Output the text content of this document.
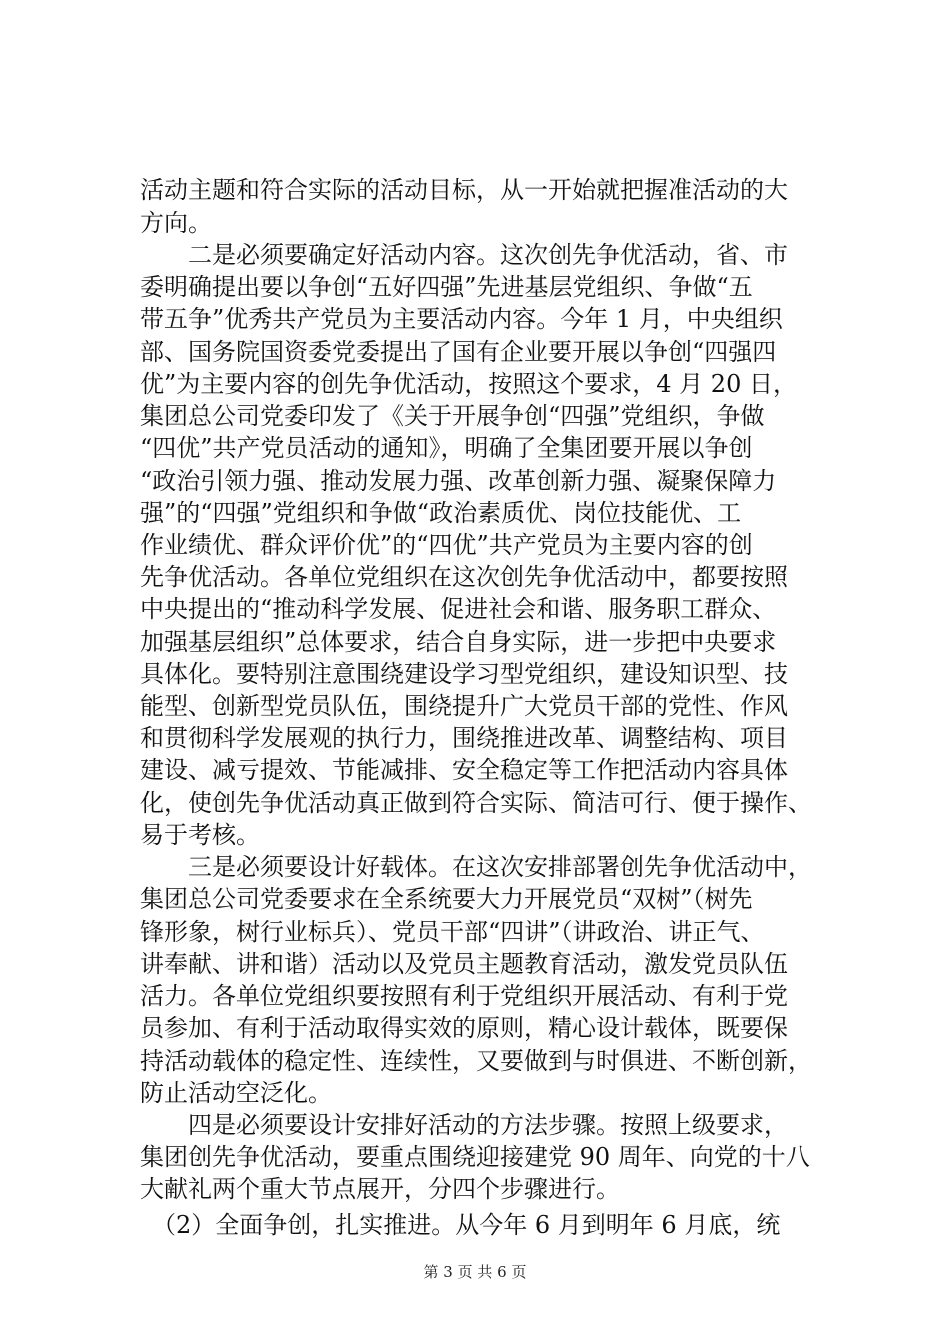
活动主题和符合实际的活动目标，从一开始就把握准活动的大
方向。
　　二是必须要确定好活动内容。这次创先争优活动，省、市
委明确提出要以争创“五好四强”先进基层党组织、争做“五
带五争”优秀共产党员为主要活动内容。今年 1 月，中央组织
部、国务院国资委党委提出了国有企业要开展以争创“四强四
优”为主要内容的创先争优活动，按照这个要求，4 月 20 日，
集团总公司党委印发了《关于开展争创“四强”党组织，争做
“四优”共产党员活动的通知》，明确了全集团要开展以争创
“政治引领力强、推动发展力强、改革创新力强、凝聚保障力
强”的“四强”党组织和争做“政治素质优、岗位技能优、工
作业绩优、群众评价优”的“四优”共产党员为主要内容的创
先争优活动。各单位党组织在这次创先争优活动中，都要按照
中央提出的“推动科学发展、促进社会和谐、服务职工群众、
加强基层组织”总体要求，结合自身实际，进一步把中央要求
具体化。要特别注意围绕建设学习型党组织，建设知识型、技
能型、创新型党员队伍，围绕提升广大党员干部的党性、作风
和贯彻科学发展观的执行力，围绕推进改革、调整结构、项目
建设、减亏提效、节能减排、安全稳定等工作把活动内容具体
化，使创先争优活动真正做到符合实际、简洁可行、便于操作、
易于考核。
　　三是必须要设计好载体。在这次安排部署创先争优活动中，
集团总公司党委要求在全系统要大力开展党员“双树”（树先
锋形象，树行业标兵）、党员干部“四讲”（讲政治、讲正气、
讲奉献、讲和谐）活动以及党员主题教育活动，激发党员队伍
活力。各单位党组织要按照有利于党组织开展活动、有利于党
员参加、有利于活动取得实效的原则，精心设计载体，既要保
持活动载体的稳定性、连续性，又要做到与时俱进、不断创新，
防止活动空泛化。
　　四是必须要设计安排好活动的方法步骤。按照上级要求，
集团创先争优活动，要重点围绕迎接建党 90 周年、向党的十八
大献礼两个重大节点展开，分四个步骤进行。
　（2）全面争创，扎实推进。从今年 6 月到明年 6 月底，统
第 3 页 共 6 页
